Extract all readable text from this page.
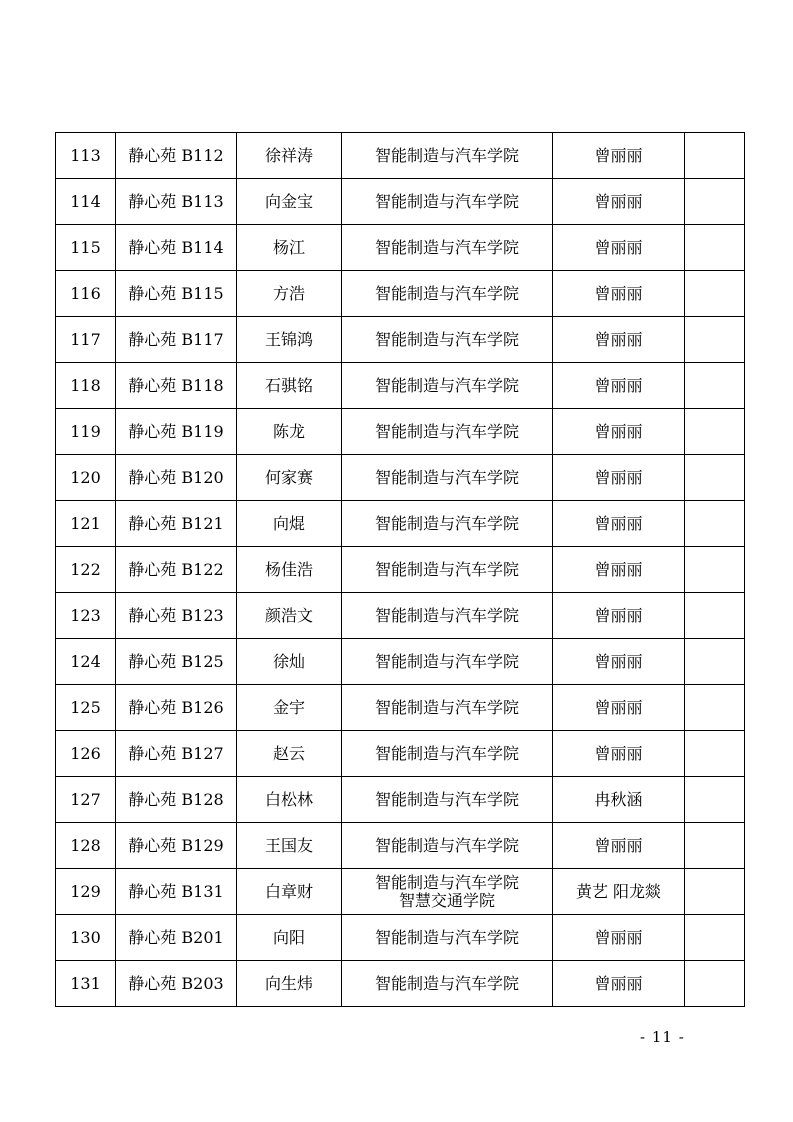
113	静心苑 B112	徐祥涛	智能制造与汽车学院	曾丽丽	

114	静心苑 B113	向金宝	智能制造与汽车学院	曾丽丽	

115	静心苑 B114	杨江	智能制造与汽车学院	曾丽丽	

116	静心苑 B115	方浩	智能制造与汽车学院	曾丽丽	

117	静心苑 B117	王锦鸿	智能制造与汽车学院	曾丽丽	

118	静心苑 B118	石骐铭	智能制造与汽车学院	曾丽丽	

119	静心苑 B119	陈龙	智能制造与汽车学院	曾丽丽	

120	静心苑 B120	何家赛	智能制造与汽车学院	曾丽丽	

121	静心苑 B121	向焜	智能制造与汽车学院	曾丽丽	

122	静心苑 B122	杨佳浩	智能制造与汽车学院	曾丽丽	

123	静心苑 B123	颜浩文	智能制造与汽车学院	曾丽丽	

124	静心苑 B125	徐灿	智能制造与汽车学院	曾丽丽	

125	静心苑 B126	金宇	智能制造与汽车学院	曾丽丽	

126	静心苑 B127	赵云	智能制造与汽车学院	曾丽丽	

127	静心苑 B128	白松林	智能制造与汽车学院	冉秋涵	

128	静心苑 B129	王国友	智能制造与汽车学院	曾丽丽	

129	静心苑 B131	白章财	智能制造与汽车学院
智慧交通学院	黄艺 阳龙燚	

130	静心苑 B201	向阳	智能制造与汽车学院	曾丽丽	

131	静心苑 B203	向生炜	智能制造与汽车学院	曾丽丽	

- 11 -
